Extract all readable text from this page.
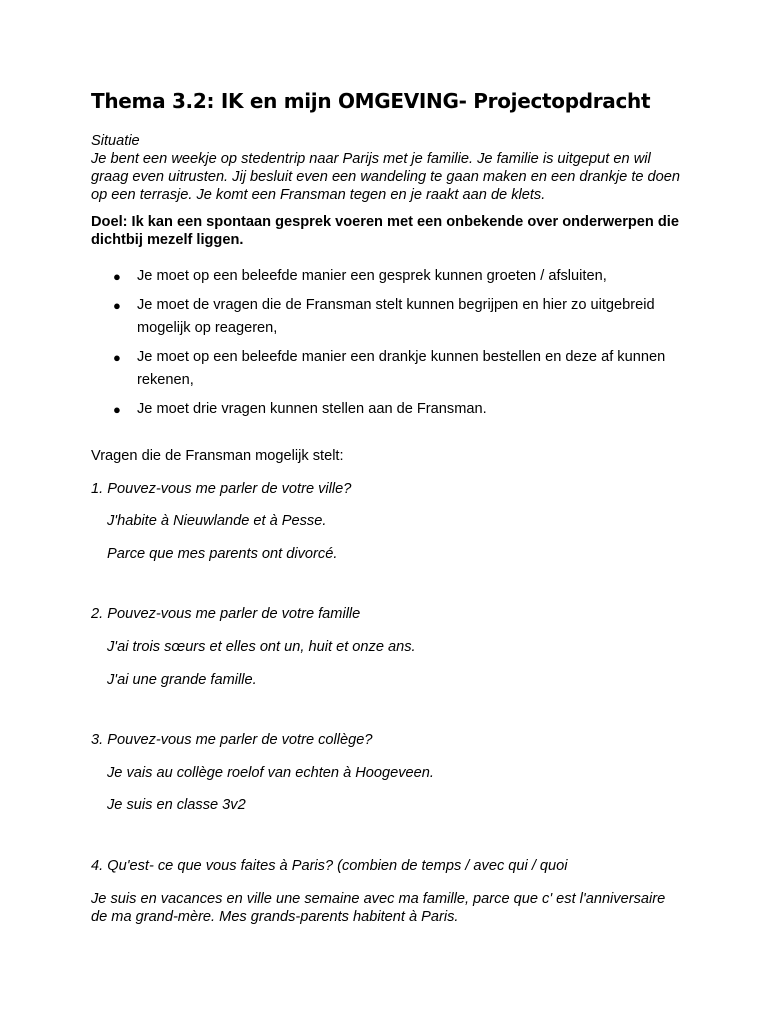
Thema 3.2: IK en mijn OMGEVING- Projectopdracht

Situatie

Je bent een weekje op stedentrip naar Parijs met je familie. Je familie is uitgeput en wil graag even uitrusten. Jij besluit even een wandeling te gaan maken en een drankje te doen op een terrasje. Je komt een Fransman tegen en je raakt aan de klets.

Doel: Ik kan een spontaan gesprek voeren met een onbekende over onderwerpen die dichtbij mezelf liggen.

● Je moet op een beleefde manier een gesprek kunnen groeten / afsluiten,
● Je moet de vragen die de Fransman stelt kunnen begrijpen en hier zo uitgebreid mogelijk op reageren,
● Je moet op een beleefde manier een drankje kunnen bestellen en deze af kunnen rekenen,
● Je moet drie vragen kunnen stellen aan de Fransman.

Vragen die de Fransman mogelijk stelt:

1. Pouvez-vous me parler de votre ville?

J'habite à Nieuwlande et à Pesse.

Parce que mes parents ont divorcé.

2. Pouvez-vous me parler de votre famille

J'ai trois sœurs et elles ont un, huit et onze ans.

J'ai une grande famille.

3. Pouvez-vous me parler de votre collège?

Je vais au collège roelof van echten à Hoogeveen.

Je suis en classe 3v2

4. Qu'est- ce que vous faites à Paris? (combien de temps / avec qui / quoi

Je suis en vacances en ville une semaine avec ma famille, parce que c' est l'anniversaire de ma grand-mère. Mes grands-parents habitent à Paris.
